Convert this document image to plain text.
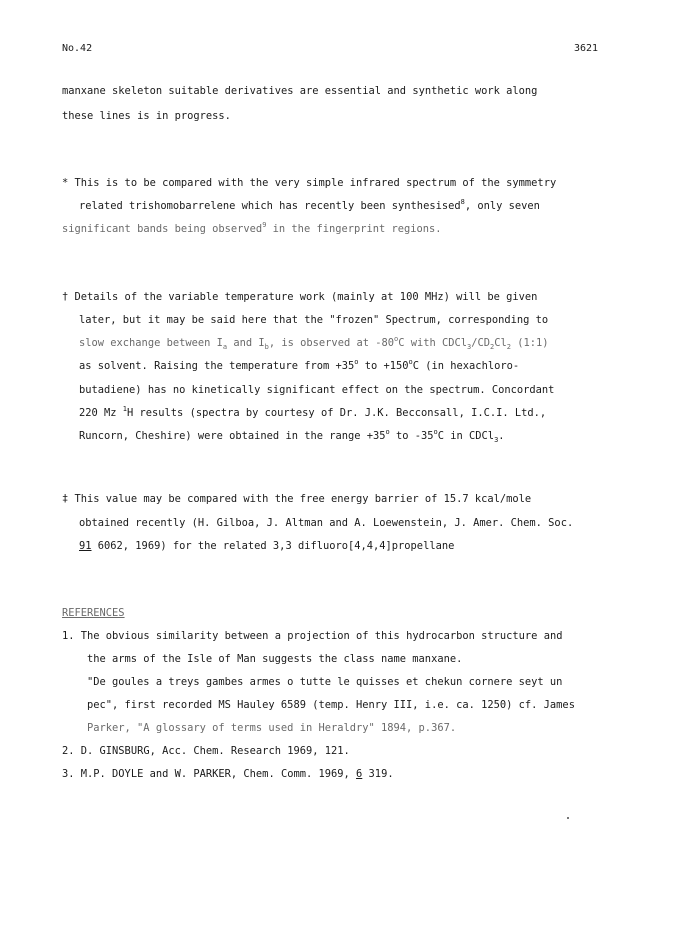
No.42	3621
manxane skeleton suitable derivatives are essential and synthetic work along
these lines is in progress.
* This is to be compared with the very simple infrared spectrum of the symmetry
related trishomobarrelene which has recently been synthesised$^8$, only seven
significant bands being observed$^9$ in the fingerprint regions.
† Details of the variable temperature work (mainly at 100 MHz) will be given
later, but it may be said here that the "frozen" Spectrum, corresponding to
slow exchange between $I_a$ and $I_b$, is observed at -80$^o$C with $CDCl_3/CD_2Cl_2$ (1:1)
as solvent. Raising the temperature from $+35^o$ to $+150^oC$ (in hexachloro-
butadiene) has no kinetically significant effect on the spectrum. Concordant
220 Mz $^1$H results (spectra by courtesy of Dr. J.K. Becconsall, I.C.I. Ltd.,
Runcorn, Cheshire) were obtained in the range $+35^o$ to -35$^o$C in CDCl$_3$.
‡ This value may be compared with the free energy barrier of 15.7 kcal/mole
obtained recently (H. Gilboa, J. Altman and A. Loewenstein, J. Amer. Chem. Soc.
91 6062, 1969) for the related 3,3 difluoro[4,4,4]propellane
REFERENCES
1. The obvious similarity between a projection of this hydrocarbon structure and
the arms of the Isle of Man suggests the class name manxane.
"De goules a treys gambes armes o tutte le quisses et chekun cornere seyt un
pec", first recorded MS Hauley 6589 (temp. Henry III, i.e. ca. 1250) cf. James
Parker, "A glossary of terms used in Heraldry" 1894, p.367.
2. D. GINSBURG, Acc. Chem. Research 1969, 121.
3. M.P. DOYLE and W. PARKER, Chem. Comm. 1969, 6 319.
